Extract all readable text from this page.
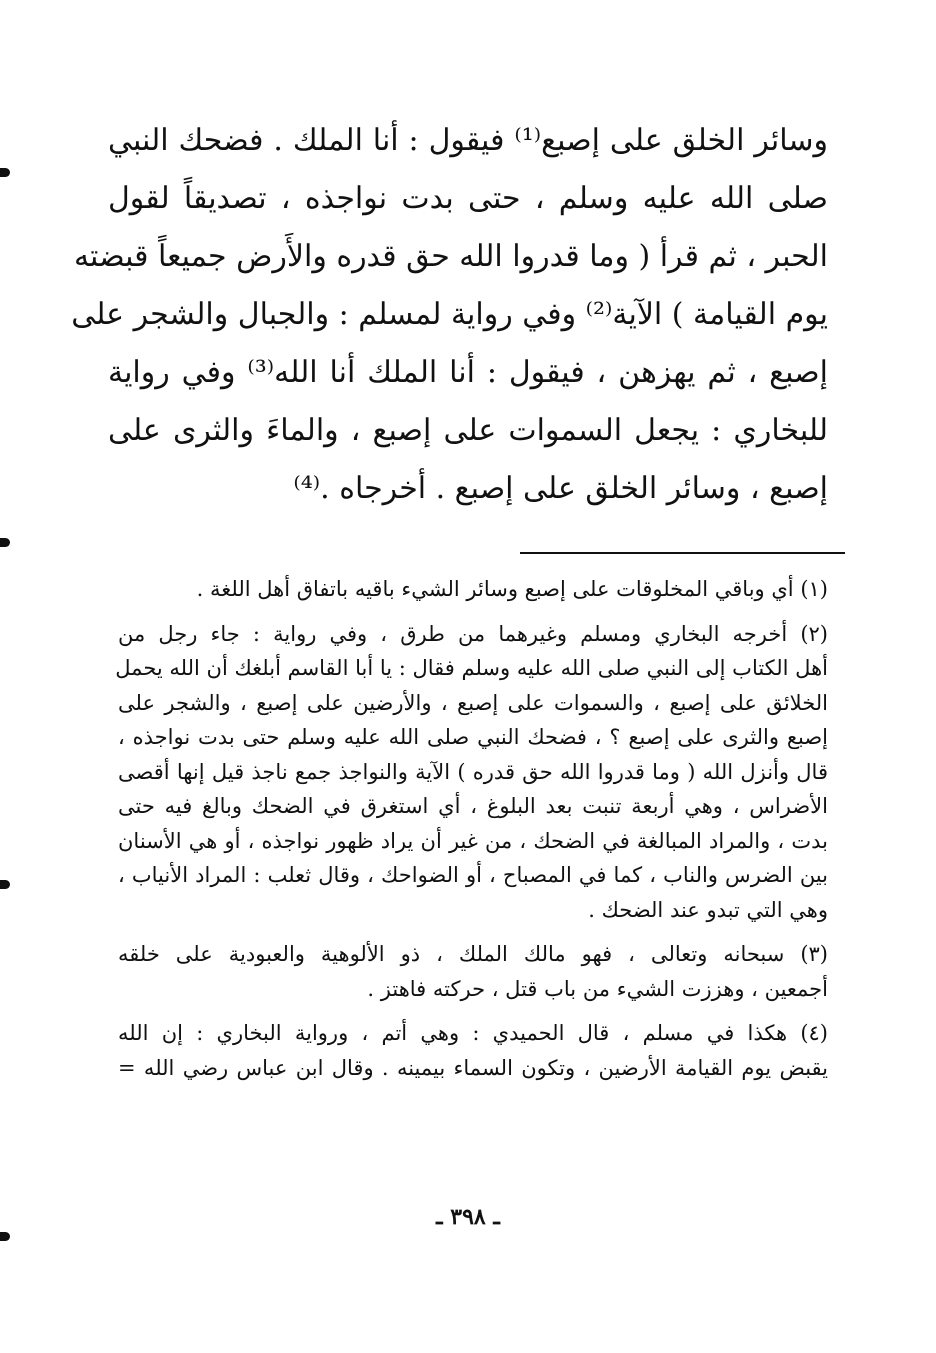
وسائر الخلق على إصبع⁽¹⁾ فيقول : أنا الملك . فضحك النبي
صلى الله عليه وسلم ، حتى بدت نواجذه ، تصديقاً لقول
الحبر ، ثم قرأ ( وما قدروا الله حق قدره والأَرض جميعاً قبضته
يوم القيامة ) الآية⁽²⁾ وفي رواية لمسلم : والجبال والشجر على
إصبع ، ثم يهزهن ، فيقول : أنا الملك أنا الله⁽³⁾ وفي رواية
للبخاري : يجعل السموات على إصبع ، والماءَ والثرى على
إصبع ، وسائر الخلق على إصبع . أخرجاه .⁽⁴⁾
(١) أي وباقي المخلوقات على إصبع وسائر الشيء باقيه باتفاق أهل اللغة .
(٢) أخرجه البخاري ومسلم وغيرهما من طرق ، وفي رواية : جاء رجل من
أهل الكتاب إلى النبي صلى الله عليه وسلم فقال : يا أبا القاسم أبلغك أن الله يحمل
الخلائق على إصبع ، والسموات على إصبع ، والأرضين على إصبع ، والشجر على
إصبع والثرى على إصبع ؟ ، فضحك النبي صلى الله عليه وسلم حتى بدت نواجذه ،
قال وأنزل الله ( وما قدروا الله حق قدره ) الآية والنواجذ جمع ناجذ قيل إنها أقصى
الأضراس ، وهي أربعة تنبت بعد البلوغ ، أي استغرق في الضحك وبالغ فيه حتى
بدت ، والمراد المبالغة في الضحك ، من غير أن يراد ظهور نواجذه ، أو هي الأسنان
بين الضرس والناب ، كما في المصباح ، أو الضواحك ، وقال ثعلب : المراد الأنياب ،
وهي التي تبدو عند الضحك .
(٣) سبحانه وتعالى ، فهو مالك الملك ، ذو الألوهية والعبودية على خلقه
أجمعين ، وهززت الشيء من باب قتل ، حركته فاهتز .
(٤) هكذا في مسلم ، قال الحميدي : وهي أتم ، ورواية البخاري : إن الله
يقبض يوم القيامة الأرضين ، وتكون السماء بيمينه . وقال ابن عباس رضي الله =
ـ ٣٩٨ ـ
